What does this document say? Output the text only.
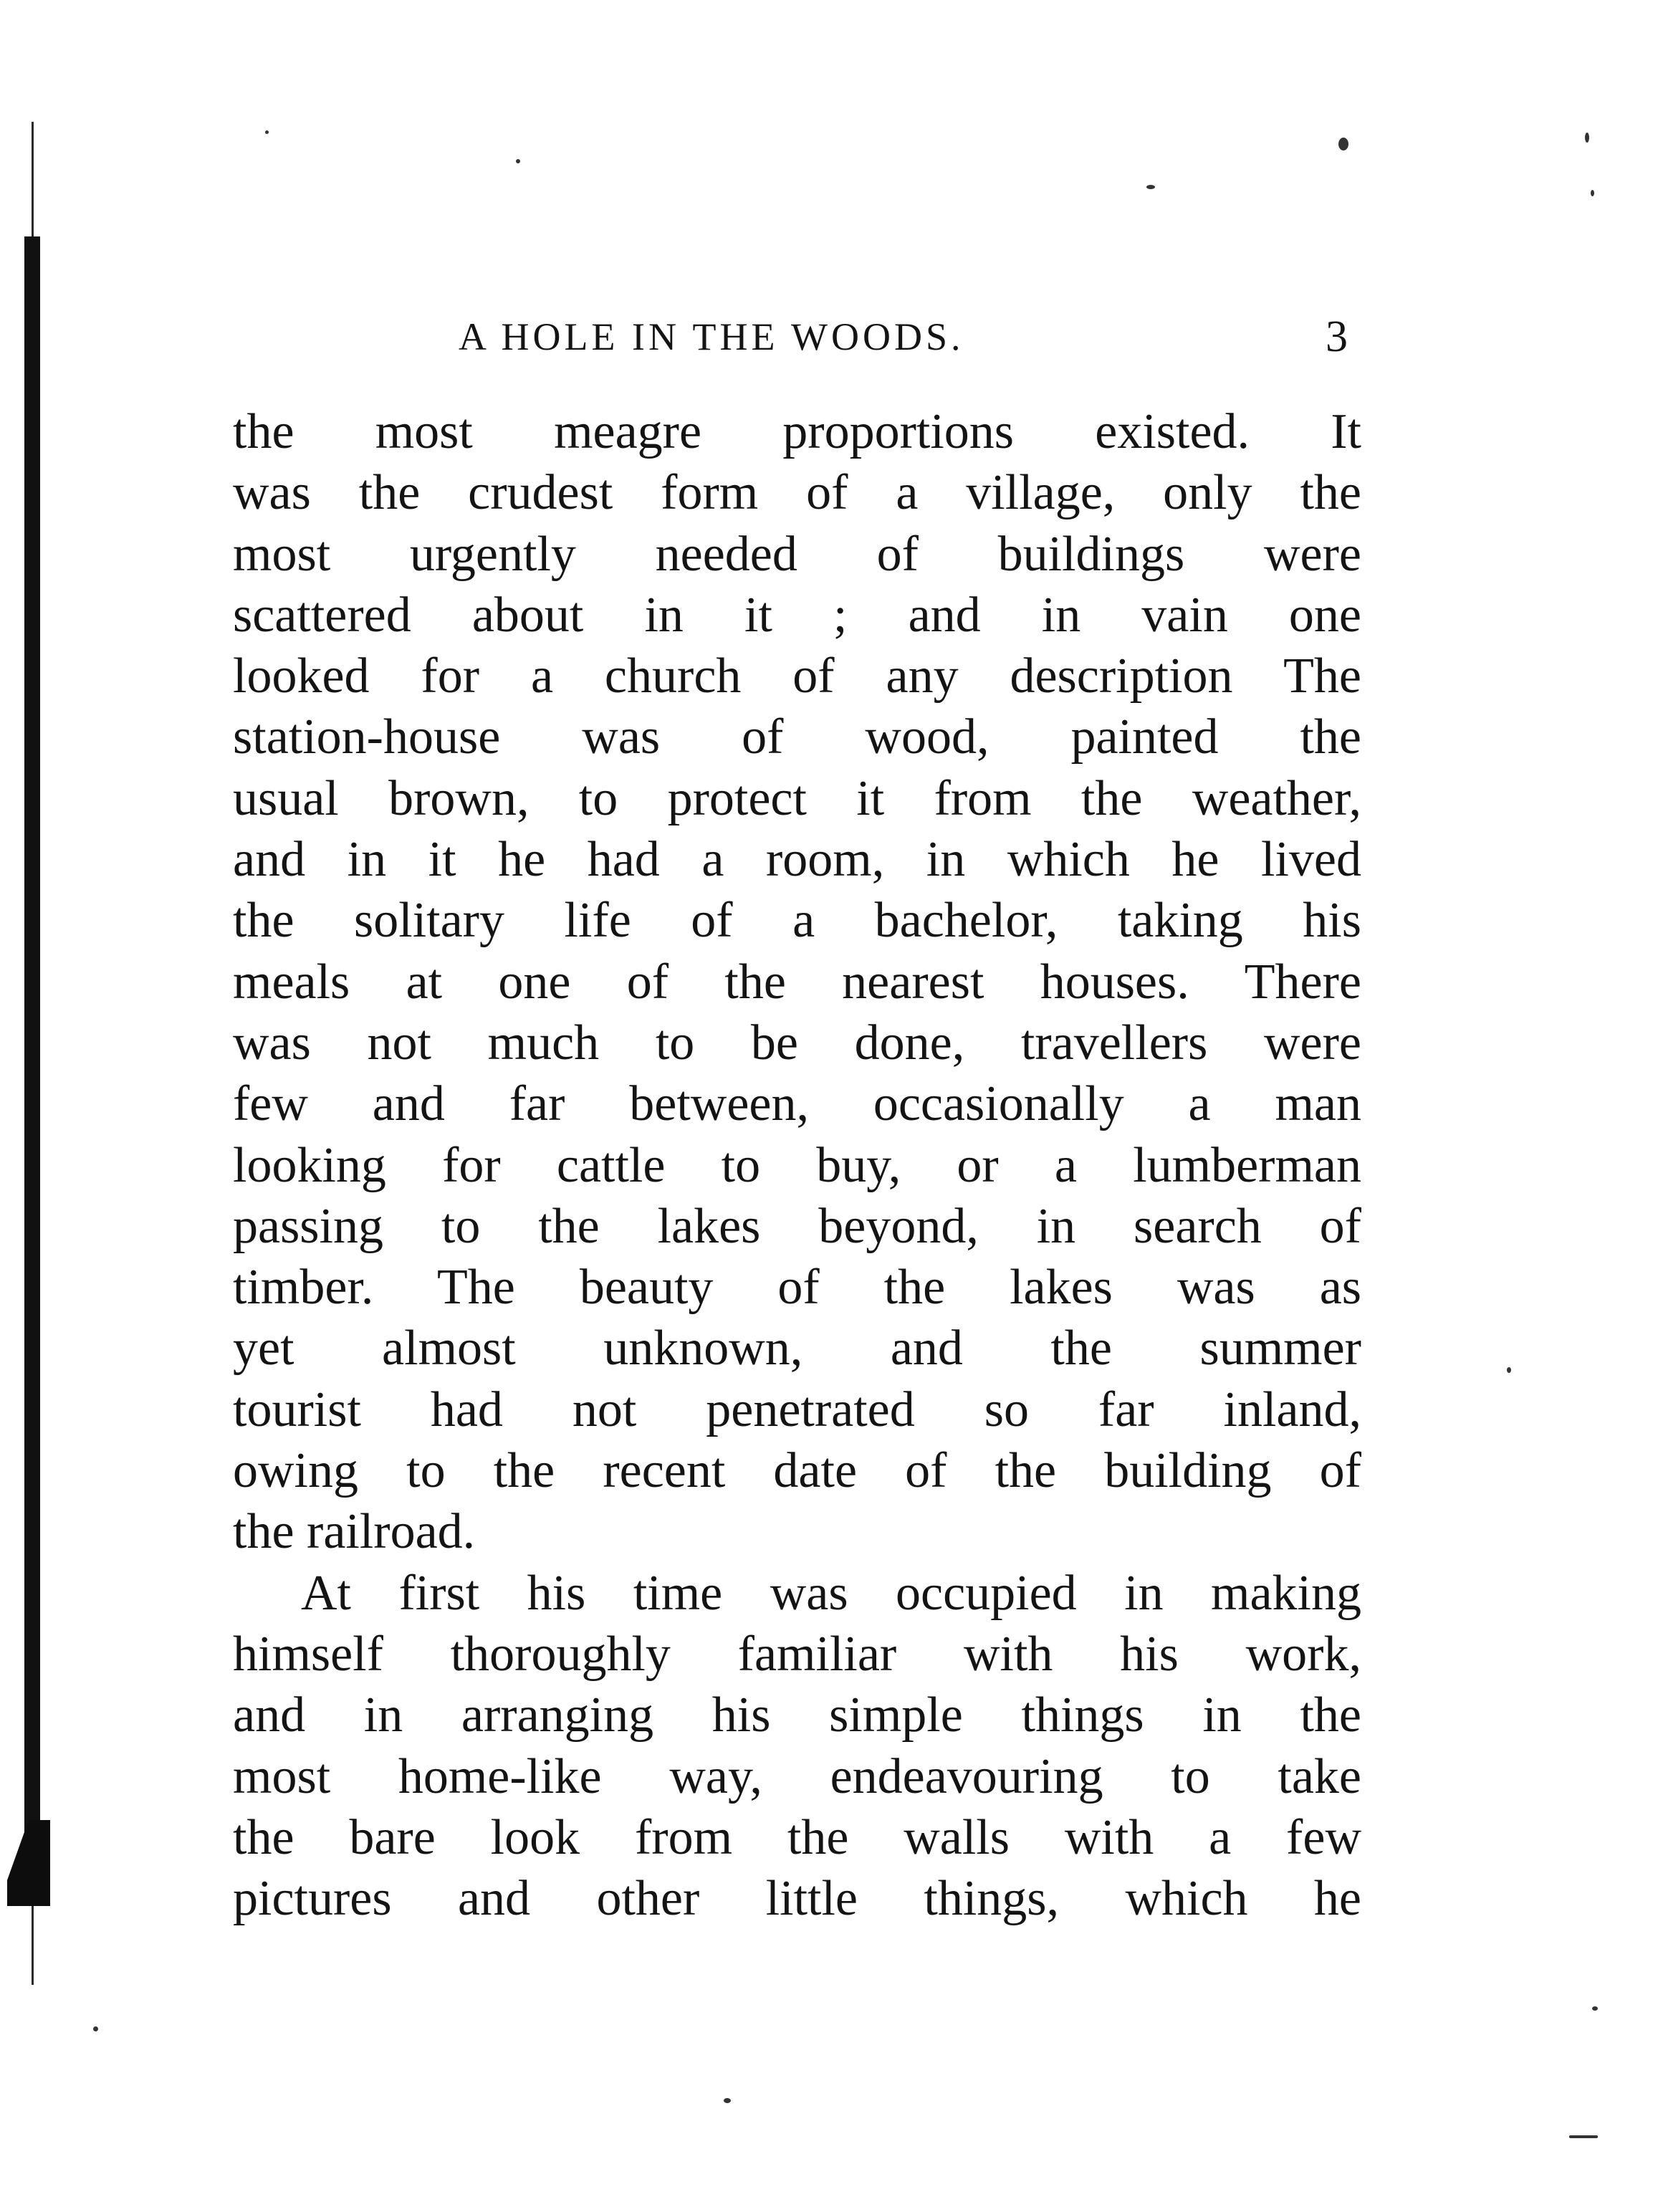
A HOLE IN THE WOODS.	3
the most meagre proportions existed. It
was the crudest form of a village, only the
most urgently needed of buildings were
scattered about in it ; and in vain one
looked for a church of any description The
station-house was of wood, painted the
usual brown, to protect it from the weather,
and in it he had a room, in which he lived
the solitary life of a bachelor, taking his
meals at one of the nearest houses. There
was not much to be done, travellers were
few and far between, occasionally a man
looking for cattle to buy, or a lumberman
passing to the lakes beyond, in search of
timber. The beauty of the lakes was as
yet almost unknown, and the summer
tourist had not penetrated so far inland,
owing to the recent date of the building of
the railroad.
At first his time was occupied in making
himself thoroughly familiar with his work,
and in arranging his simple things in the
most home-like way, endeavouring to take
the bare look from the walls with a few
pictures and other little things, which he
